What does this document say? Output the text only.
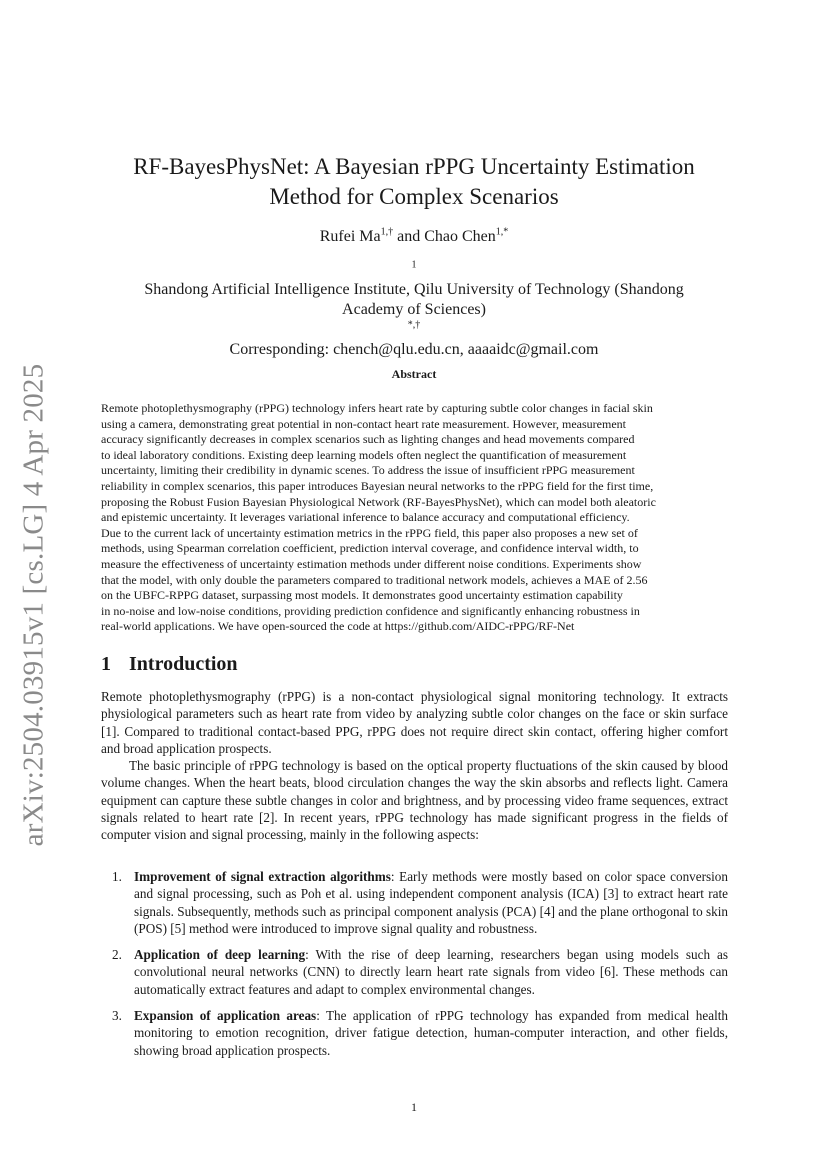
arXiv:2504.03915v1 [cs.LG] 4 Apr 2025
RF-BayesPhysNet: A Bayesian rPPG Uncertainty Estimation
Method for Complex Scenarios
Rufei $Ma^{1,\dagger}$ and Chao Chen$^{1,*}$
$^1$
Shandong Artificial Intelligence Institute, Qilu University of Technology (Shandong
Academy of Sciences)
*,†
Corresponding: chench@qlu.edu.cn, aaaaidc@gmail.com
Abstract
Remote photoplethysmography (rPPG) technology infers heart rate by capturing subtle color changes in facial skin
using a camera, demonstrating great potential in non-contact heart rate measurement. However, measurement
accuracy significantly decreases in complex scenarios such as lighting changes and head movements compared
to ideal laboratory conditions. Existing deep learning models often neglect the quantification of measurement
uncertainty, limiting their credibility in dynamic scenes. To address the issue of insufficient rPPG measurement
reliability in complex scenarios, this paper introduces Bayesian neural networks to the rPPG field for the first time,
proposing the Robust Fusion Bayesian Physiological Network (RF-BayesPhysNet), which can model both aleatoric
and epistemic uncertainty. It leverages variational inference to balance accuracy and computational efficiency.
Due to the current lack of uncertainty estimation metrics in the rPPG field, this paper also proposes a new set of
methods, using Spearman correlation coefficient, prediction interval coverage, and confidence interval width, to
measure the effectiveness of uncertainty estimation methods under different noise conditions. Experiments show
that the model, with only double the parameters compared to traditional network models, achieves a MAE of 2.56
on the UBFC-RPPG dataset, surpassing most models. It demonstrates good uncertainty estimation capability
in no-noise and low-noise conditions, providing prediction confidence and significantly enhancing robustness in
real-world applications. We have open-sourced the code at https://github.com/AIDC-rPPG/RF-Net
1 Introduction

Remote photoplethysmography (rPPG) is a non-contact physiological signal monitoring technology. It extracts physiological parameters such as heart rate from video by analyzing subtle color changes on the face or skin surface [1]. Compared to traditional contact-based PPG, rPPG does not require direct skin contact, offering higher comfort and broad application prospects.

The basic principle of rPPG technology is based on the optical property fluctuations of the skin caused by blood volume changes. When the heart beats, blood circulation changes the way the skin absorbs and reflects light. Camera equipment can capture these subtle changes in color and brightness, and by processing video frame sequences, extract signals related to heart rate [2]. In recent years, rPPG technology has made significant progress in the fields of computer vision and signal processing, mainly in the following aspects:

1. Improvement of signal extraction algorithms: Early methods were mostly based on color space conversion and signal processing, such as Poh et al. using independent component analysis (ICA) [3] to extract heart rate signals. Subsequently, methods such as principal component analysis (PCA) [4] and the plane orthogonal to skin (POS) [5] method were introduced to improve signal quality and robustness.
2. Application of deep learning: With the rise of deep learning, researchers began using models such as convolutional neural networks (CNN) to directly learn heart rate signals from video [6]. These methods can automatically extract features and adapt to complex environmental changes.
3. Expansion of application areas: The application of rPPG technology has expanded from medical health monitoring to emotion recognition, driver fatigue detection, human-computer interaction, and other fields, showing broad application prospects.
1
